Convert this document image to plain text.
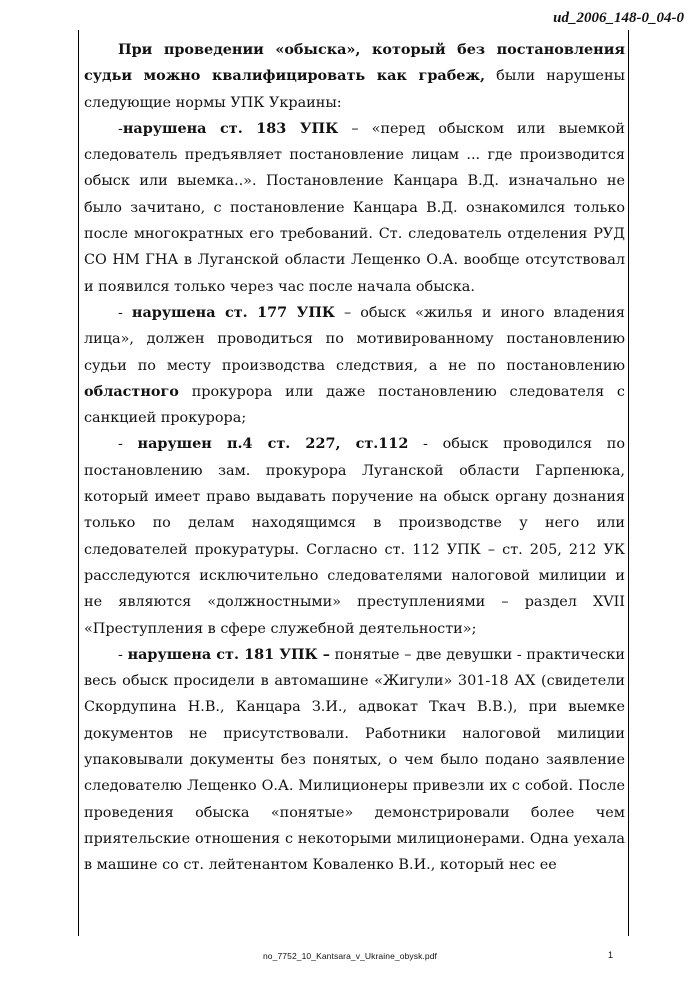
ud_2006_148-0_04-0

При проведении «обыска», который без постановления судьи можно квалифицировать как грабеж, были нарушены следующие нормы УПК Украины:

-нарушена ст. 183 УПК – «перед обыском или выемкой следователь предъявляет постановление лицам ... где производится обыск или выемка..». Постановление Канцара В.Д. изначально не было зачитано, с постановление Канцара В.Д. ознакомился только после многократных его требований. Ст. следователь отделения РУД СО НМ ГНА в Луганской области Лещенко О.А. вообще отсутствовал и появился только через час после начала обыска.

- нарушена ст. 177 УПК – обыск «жилья и иного владения лица», должен проводиться по мотивированному постановлению судьи по месту производства следствия, а не по постановлению областного прокурора или даже постановлению следователя с санкцией прокурора;

- нарушен п.4 ст. 227, ст.112 - обыск проводился по постановлению зам. прокурора Луганской области Гарпенюка, который имеет право выдавать поручение на обыск органу дознания только по делам находящимся в производстве у него или следователей прокуратуры. Согласно ст. 112 УПК – ст. 205, 212 УК расследуются исключительно следователями налоговой милиции и не являются «должностными» преступлениями – раздел XVII «Преступления в сфере служебной деятельности»;

- нарушена ст. 181 УПК – понятые – две девушки - практически весь обыск просидели в автомашине «Жигули» 301-18 АХ (свидетели Скордупина Н.В., Канцара З.И., адвокат Ткач В.В.), при выемке документов не присутствовали. Работники налоговой милиции упаковывали документы без понятых, о чем было подано заявление следователю Лещенко О.А. Милиционеры привезли их с собой. После проведения обыска «понятые» демонстрировали более чем приятельские отношения с некоторыми милиционерами. Одна уехала в машине со ст. лейтенантом Коваленко В.И., который нес ее

no_7752_10_Kantsara_v_Ukraine_obysk.pdf	1
